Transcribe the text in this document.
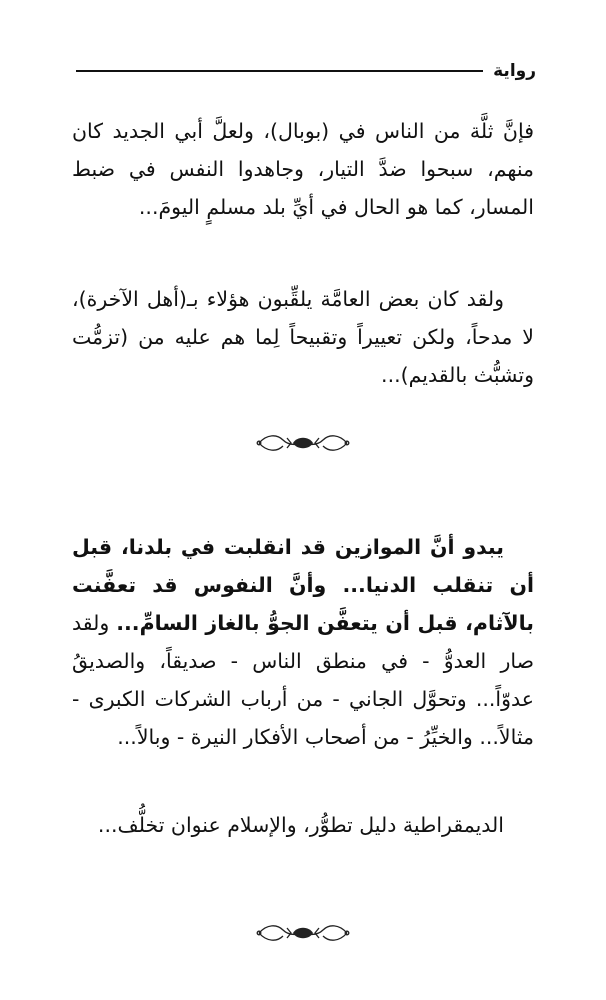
رواية

فإنَّ ثلَّة من الناس في (بوبال)، ولعلَّ أبي الجديد كان منهم، سبحوا ضدَّ التيار، وجاهدوا النفس في ضبط المسار، كما هو الحال في أيِّ بلد مسلمٍ اليومَ...

ولقد كان بعض العامَّة يلقِّبون هؤلاء بـ(أهل الآخرة)، لا مدحاً، ولكن تعييراً وتقبيحاً لِما هم عليه من (تزمُّت وتشبُّث بالقديم)...

يبدو أنَّ الموازين قد انقلبت في بلدنا، قبل أن تنقلب الدنيا... وأنَّ النفوس قد تعفَّنت بالآثام، قبل أن يتعفَّن الجوُّ بالغاز السامِّ... ولقد صار العدوُّ - في منطق الناس - صديقاً، والصديقُ عدوّاً... وتحوَّل الجاني - من أرباب الشركات الكبرى - مثالاً... والخيِّرُ - من أصحاب الأفكار النيرة - وبالاً...

الديمقراطية دليل تطوُّر، والإسلام عنوان تخلُّف...
